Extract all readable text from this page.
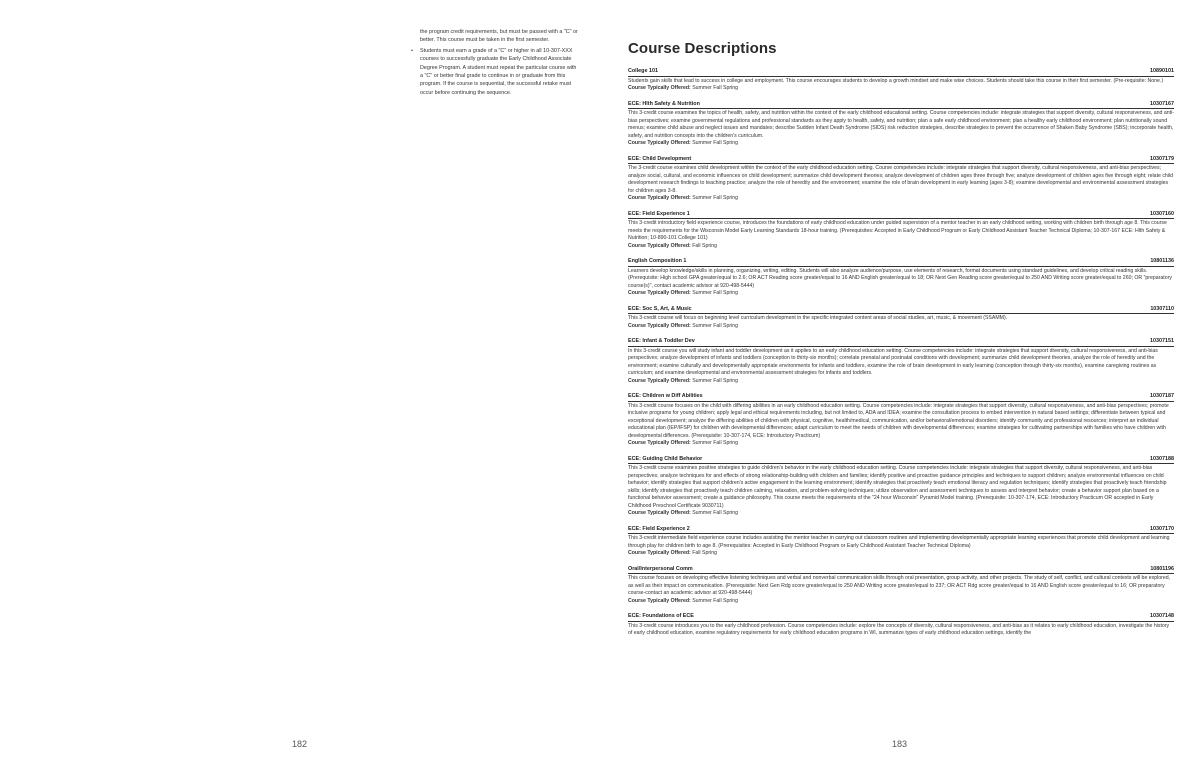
the program credit requirements, but must be passed with a "C" or better. This course must be taken in the first semester.

• Students must earn a grade of a "C" or higher in all 10-307-XXX courses to successfully graduate the Early Childhood Associate Degree Program. A student must repeat the particular course with a "C" or better final grade to continue in or graduate from this program. If the course is sequential, the successful retake must occur before continuing the sequence.
182
Course Descriptions
College 101	10890101

Students gain skills that lead to success in college and employment. This course encourages students to develop a growth mindset and make wise choices. Students should take this course in their first semester. (Pre-requisite: None.)

Course Typically Offered: Summer Fall Spring

ECE: Hlth Safety & Nutrition	10307167

This 3-credit course examines the topics of health, safety, and nutrition within the context of the early childhood educational setting. Course competencies include: integrate strategies that support diversity, cultural responsiveness, and anti-bias perspectives; examine governmental regulations and professional standards as they apply to health, safety, and nutrition; plan a safe early childhood environment; plan a healthy early childhood environment; plan nutritionally sound menus; examine child abuse and neglect issues and mandates; describe Sudden Infant Death Syndrome (SIDS) risk reduction strategies, describe strategies to prevent the occurrence of Shaken Baby Syndrome (SBS); incorporate health, safety, and nutrition concepts into the children's curriculum.

Course Typically Offered: Summer Fall Spring

ECE: Child Development	10307179

The 3-credit course examines child development within the context of the early childhood education setting. Course competencies include: integrate strategies that support diversity, cultural responsiveness, and anti-bias perspectives; analyze social, cultural, and economic influences on child development; summarize child development theories; analyze development of children ages three through five; analyze development of children ages five through eight; relate child development research findings to teaching practice; analyze the role of heredity and the environment; examine the role of brain development in early learning (ages 3-8); examine developmental and environmental assessment strategies for children ages 3-8.

Course Typically Offered: Summer Fall Spring

ECE: Field Experience 1	10307160

This 3-credit introductory field experience course, introduces the foundations of early childhood education under guided supervision of a mentor teacher in an early childhood setting, working with children birth through age 8. This course meets the requirements for the Wisconsin Model Early Learning Standards 18-hour training. (Prerequisites: Accepted in Early Childhood Program or Early Childhood Assistant Teacher Technical Diploma; 10-307-167 ECE: Hlth Safety & Nutrition; 10-890-101 College 101)

Course Typically Offered: Fall Spring

English Composition 1	10801136

Learners develop knowledge/skills in planning, organizing, writing, editing. Students will also analyze audience/purpose, use elements of research, format documents using standard guidelines, and develop critical reading skills. (Prerequisite: High school GPA greater/equal to 2.6; OR ACT Reading score greater/equal to 16 AND English greater/equal to 18; OR Next Gen Reading score greater/equal to 250 AND Writing score greater/equal to 260; OR "preparatory course(s)", contact academic advisor at 920-498-5444)

Course Typically Offered: Summer Fall Spring

ECE: Soc S, Art, & Music	10307110

This 3-credit course will focus on beginning level curriculum development in the specific integrated content areas of social studies, art, music, & movement (SSAMM).

Course Typically Offered: Summer Fall Spring

ECE: Infant & Toddler Dev	10307151

In this 3-credit course you will study infant and toddler development as it applies to an early childhood education setting. Course competencies include: integrate strategies that support diversity, cultural responsiveness, and anti-bias perspectives; analyze development of infants and toddlers (conception to thirty-six months); correlate prenatal and postnatal conditions with development; summarize child development theories, analyze the role of heredity and the environment; examine culturally and developmentally appropriate environments for infants and toddlers, examine the role of brain development in early learning (conception through thirty-six months), examine caregiving routines as curriculum; and examine developmental and environmental assessment strategies for infants and toddlers.

Course Typically Offered: Summer Fall Spring

ECE: Children w Diff Abilities	10307187

This 3-credit course focuses on the child with differing abilities in an early childhood education setting. Course competencies include: integrate strategies that support diversity, cultural responsiveness, and anti-bias perspectives; promote inclusive programs for young children; apply legal and ethical requirements including, but not limited to, ADA and IDEA; examine the consultation process to embed intervention in natural based settings; differentiate between typical and exceptional development; analyze the differing abilities of children with physical, cognitive, health/medical, communication, and/or behavioral/emotional disorders; identify community and professional resources; interpret an individual educational plan (IEP/IFSP) for children with developmental differences; adapt curriculum to meet the needs of children with developmental differences; examine strategies for cultivating partnerships with families who have children with developmental differences. (Prerequisite: 10-307-174, ECE: Introductory Practicum)

Course Typically Offered: Summer Fall Spring

ECE: Guiding Child Behavior	10307188

This 3-credit course examines positive strategies to guide children's behavior in the early childhood education setting. Course competencies include: integrate strategies that support diversity, cultural responsiveness, and anti-bias perspectives; analyze techniques for and effects of strong relationship-building with children and families; identify positive and proactive guidance principles and techniques to support children; analyze environmental influences on child behavior; identify strategies that support children's active engagement in the learning environment; identify strategies that proactively teach emotional literacy and regulation techniques; identify strategies that proactively teach friendship skills; identify strategies that proactively teach children calming, relaxation, and problem-solving techniques; utilize observation and assessment techniques to assess and interpret behavior; create a behavior support plan based on a functional behavior assessment; create a guidance philosophy. This course meets the requirements of the "24 hour Wisconsin" Pyramid Model training. (Prerequisite: 10-307-174, ECE: Introductory Practicum OR accepted in Early Childhood Preschool Certificate 9030711)

Course Typically Offered: Summer Fall Spring

ECE: Field Experience 2	10307170

This 3-credit intermediate field experience course includes assisting the mentor teacher in carrying out classroom routines and implementing developmentally appropriate learning experiences that promote child development and learning through play for children birth to age 8. (Prerequisites: Accepted in Early Childhood Program or Early Childhood Assistant Teacher Technical Diploma)

Course Typically Offered: Fall Spring

Oral/Interpersonal Comm	10801196

This course focuses on developing effective listening techniques and verbal and nonverbal communication skills through oral presentation, group activity, and other projects. The study of self, conflict, and cultural contexts will be explored, as well as their impact on communication. (Prerequisite: Next Gen Rdg score greater/equal to 250 AND Writing score greater/equal to 237; OR ACT Rdg score greater/equal to 16 AND English score greater/equal to 16; OR preparatory course-contact an academic advisor at 920-498-5444)

Course Typically Offered: Summer Fall Spring

ECE: Foundations of ECE	10307148

This 3-credit course introduces you to the early childhood profession. Course competencies include: explore the concepts of diversity, cultural responsiveness, and anti-bias as it relates to early childhood education, investigate the history of early childhood education, examine regulatory requirements for early childhood education programs in WI, summarize types of early childhood education settings, identify the

183
